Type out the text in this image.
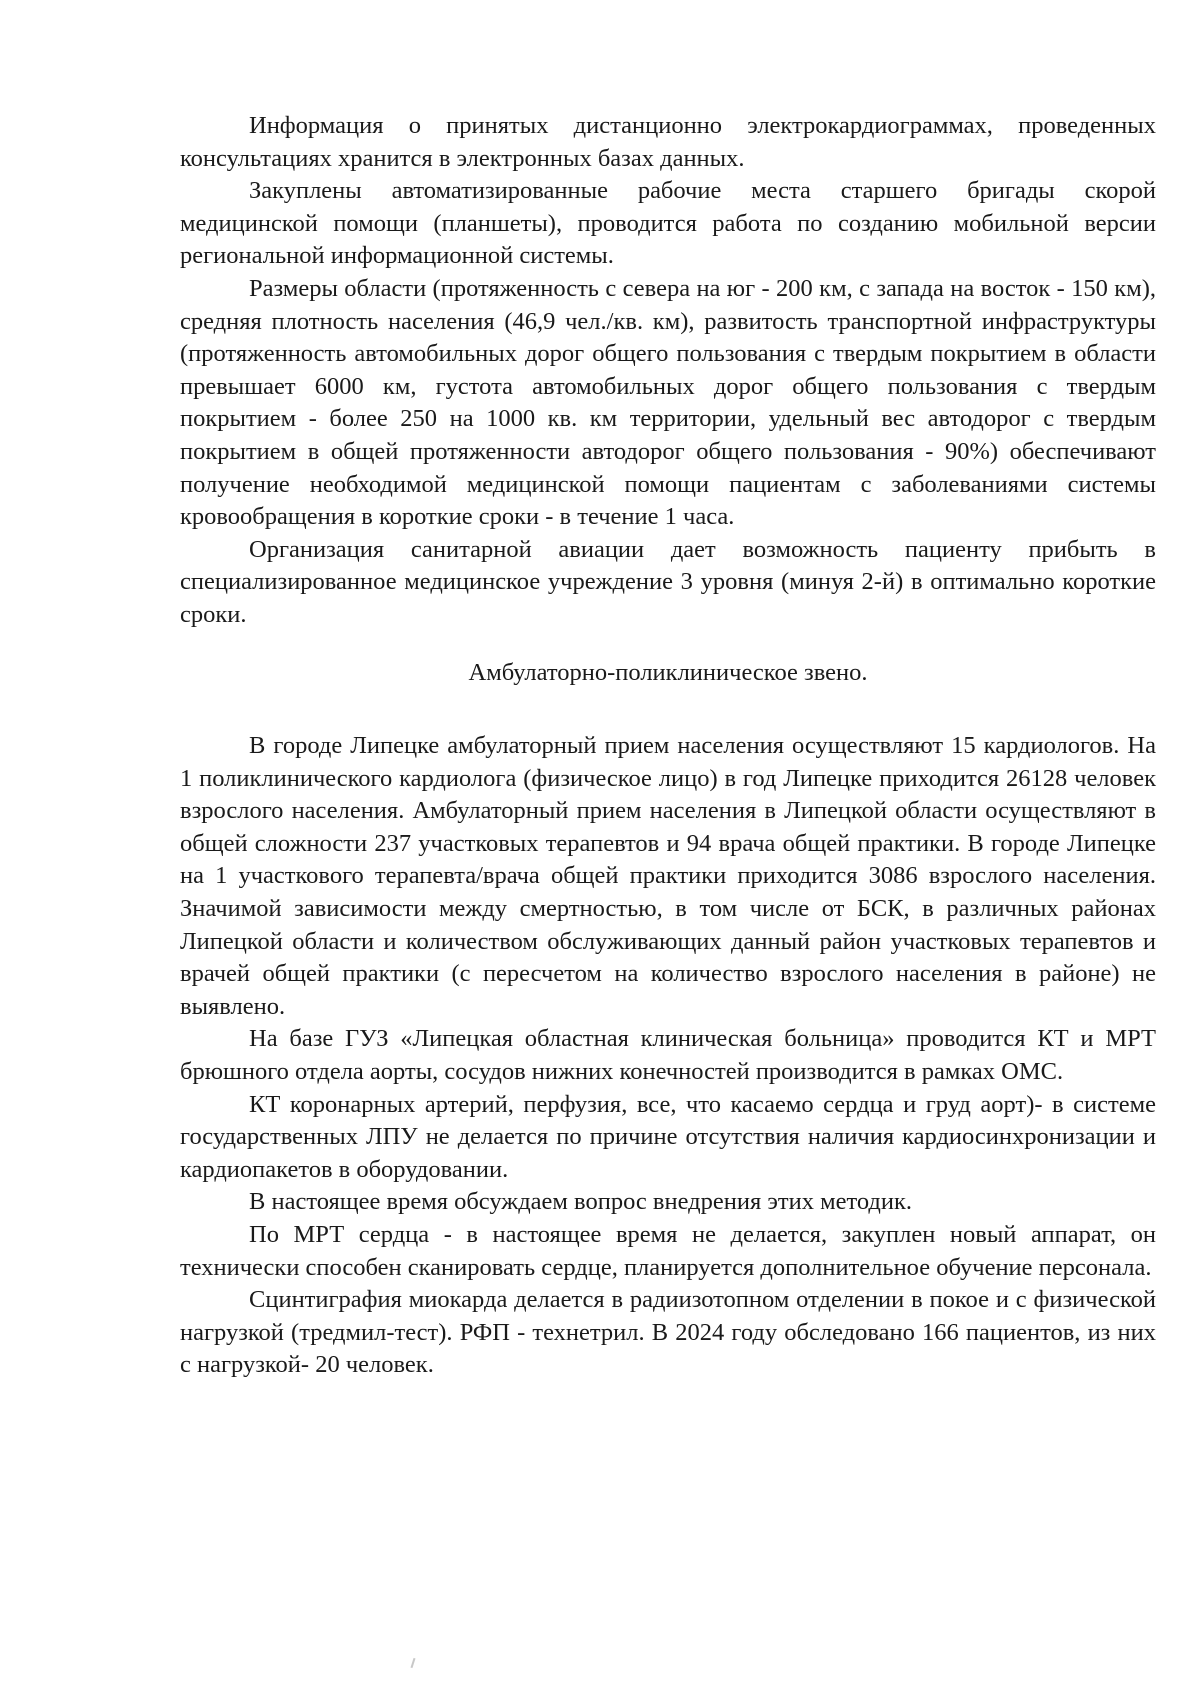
Информация о принятых дистанционно электрокардиограммах, проведенных консультациях хранится в электронных базах данных.

Закуплены автоматизированные рабочие места старшего бригады скорой медицинской помощи (планшеты), проводится работа по созданию мобильной версии региональной информационной системы.

Размеры области (протяженность с севера на юг - 200 км, с запада на восток - 150 км), средняя плотность населения (46,9 чел./кв. км), развитость транспортной инфраструктуры (протяженность автомобильных дорог общего пользования с твердым покрытием в области превышает 6000 км, густота автомобильных дорог общего пользования с твердым покрытием - более 250 на 1000 кв. км территории, удельный вес автодорог с твердым покрытием в общей протяженности автодорог общего пользования - 90%) обеспечивают получение необходимой медицинской помощи пациентам с заболеваниями системы кровообращения в короткие сроки - в течение 1 часа.

Организация санитарной авиации дает возможность пациенту прибыть в специализированное медицинское учреждение 3 уровня (минуя 2-й) в оптимально короткие сроки.

Амбулаторно-поликлиническое звено.

В городе Липецке амбулаторный прием населения осуществляют 15 кардиологов. На 1 поликлинического кардиолога (физическое лицо) в год Липецке приходится 26128 человек взрослого населения. Амбулаторный прием населения в Липецкой области осуществляют в общей сложности 237 участковых терапевтов и 94 врача общей практики. В городе Липецке на 1 участкового терапевта/врача общей практики приходится 3086 взрослого населения. Значимой зависимости между смертностью, в том числе от БСК, в различных районах Липецкой области и количеством обслуживающих данный район участковых терапевтов и врачей общей практики (с пересчетом на количество взрослого населения в районе) не выявлено.

На базе ГУЗ «Липецкая областная клиническая больница» проводится КТ и МРТ брюшного отдела аорты, сосудов нижних конечностей производится в рамках ОМС.

КТ коронарных артерий, перфузия, все, что касаемо сердца и груд аорт)- в системе государственных ЛПУ не делается по причине отсутствия наличия кардиосинхронизации и кардиопакетов в оборудовании.

В настоящее время обсуждаем вопрос внедрения этих методик.

По МРТ сердца - в настоящее время не делается, закуплен новый аппарат, он технически способен сканировать сердце, планируется дополнительное обучение персонала.

Сцинтиграфия миокарда делается в радиизотопном отделении в покое и с физической нагрузкой (тредмил-тест). РФП - технетрил. В 2024 году обследовано 166 пациентов, из них с нагрузкой- 20 человек.
